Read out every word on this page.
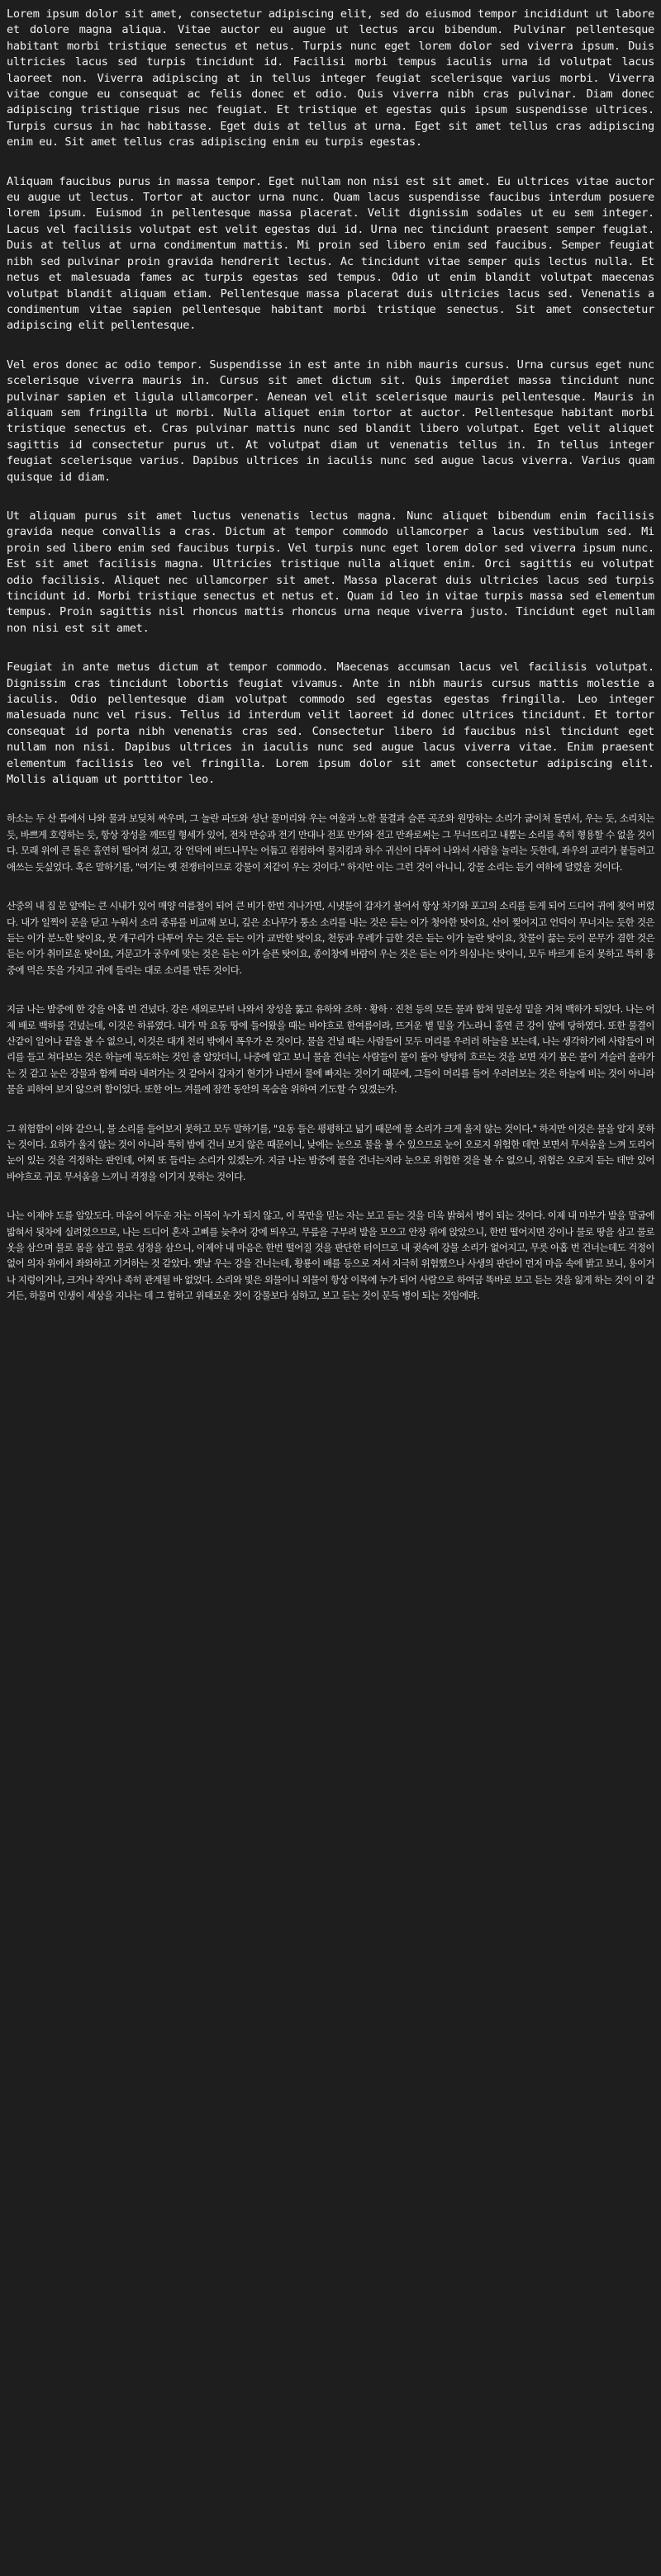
Lorem ipsum dolor sit amet, consectetur adipiscing elit, sed do eiusmod tempor incididunt ut labore et dolore magna aliqua. Vitae auctor eu augue ut lectus arcu bibendum. Pulvinar pellentesque habitant morbi tristique senectus et netus. Turpis nunc eget lorem dolor sed viverra ipsum. Duis ultricies lacus sed turpis tincidunt id. Facilisi morbi tempus iaculis urna id volutpat lacus laoreet non. Viverra adipiscing at in tellus integer feugiat scelerisque varius morbi. Viverra vitae congue eu consequat ac felis donec et odio. Quis viverra nibh cras pulvinar. Diam donec adipiscing tristique risus nec feugiat. Et tristique et egestas quis ipsum suspendisse ultrices. Turpis cursus in hac habitasse. Eget duis at tellus at urna. Eget sit amet tellus cras adipiscing enim eu. Sit amet tellus cras adipiscing enim eu turpis egestas.

Aliquam faucibus purus in massa tempor. Eget nullam non nisi est sit amet. Eu ultrices vitae auctor eu augue ut lectus. Tortor at auctor urna nunc. Quam lacus suspendisse faucibus interdum posuere lorem ipsum. Euismod in pellentesque massa placerat. Velit dignissim sodales ut eu sem integer. Lacus vel facilisis volutpat est velit egestas dui id. Urna nec tincidunt praesent semper feugiat. Duis at tellus at urna condimentum mattis. Mi proin sed libero enim sed faucibus. Semper feugiat nibh sed pulvinar proin gravida hendrerit lectus. Ac tincidunt vitae semper quis lectus nulla. Et netus et malesuada fames ac turpis egestas sed tempus. Odio ut enim blandit volutpat maecenas volutpat blandit aliquam etiam. Pellentesque massa placerat duis ultricies lacus sed. Venenatis a condimentum vitae sapien pellentesque habitant morbi tristique senectus. Sit amet consectetur adipiscing elit pellentesque.

Vel eros donec ac odio tempor. Suspendisse in est ante in nibh mauris cursus. Urna cursus eget nunc scelerisque viverra mauris in. Cursus sit amet dictum sit. Quis imperdiet massa tincidunt nunc pulvinar sapien et ligula ullamcorper. Aenean vel elit scelerisque mauris pellentesque. Mauris in aliquam sem fringilla ut morbi. Nulla aliquet enim tortor at auctor. Pellentesque habitant morbi tristique senectus et. Cras pulvinar mattis nunc sed blandit libero volutpat. Eget velit aliquet sagittis id consectetur purus ut. At volutpat diam ut venenatis tellus in. In tellus integer feugiat scelerisque varius. Dapibus ultrices in iaculis nunc sed augue lacus viverra. Varius quam quisque id diam.

Ut aliquam purus sit amet luctus venenatis lectus magna. Nunc aliquet bibendum enim facilisis gravida neque convallis a cras. Dictum at tempor commodo ullamcorper a lacus vestibulum sed. Mi proin sed libero enim sed faucibus turpis. Vel turpis nunc eget lorem dolor sed viverra ipsum nunc. Est sit amet facilisis magna. Ultricies tristique nulla aliquet enim. Orci sagittis eu volutpat odio facilisis. Aliquet nec ullamcorper sit amet. Massa placerat duis ultricies lacus sed turpis tincidunt id. Morbi tristique senectus et netus et. Quam id leo in vitae turpis massa sed elementum tempus. Proin sagittis nisl rhoncus mattis rhoncus urna neque viverra justo. Tincidunt eget nullam non nisi est sit amet.

Feugiat in ante metus dictum at tempor commodo. Maecenas accumsan lacus vel facilisis volutpat. Dignissim cras tincidunt lobortis feugiat vivamus. Ante in nibh mauris cursus mattis molestie a iaculis. Odio pellentesque diam volutpat commodo sed egestas egestas fringilla. Leo integer malesuada nunc vel risus. Tellus id interdum velit laoreet id donec ultrices tincidunt. Et tortor consequat id porta nibh venenatis cras sed. Consectetur libero id faucibus nisl tincidunt eget nullam non nisi. Dapibus ultrices in iaculis nunc sed augue lacus viverra vitae. Enim praesent elementum facilisis leo vel fringilla. Lorem ipsum dolor sit amet consectetur adipiscing elit. Mollis aliquam ut porttitor leo.

하소는 두 산 틈에서 나와 물과 보딪쳐 싸우며, 그 놀란 파도와 성난 물머리와 우는 여울과 노한 물결과 슬픈 곡조와 원망하는 소리가 굽이쳐 돌면서, 우는 듯, 소리치는 듯, 바쁘게 호령하는 듯, 항상 장성을 깨뜨릴 형세가 있어, 전차 만승과 전기 만대나 전포 만가와 전고 만좌로써는 그 무너뜨리고 내뿜는 소리를 족히 형용할 수 없을 것이다. 모래 위에 큰 돌은 홀연히 떨어져 섰고, 강 언덕에 버드나무는 어둡고 컴컴하여 물지킴과 하수 귀신이 다투어 나와서 사람을 놀리는 듯한데, 좌우의 교리가 붙들려고 애쓰는 듯싶었다. 혹은 말하기를, "여기는 옛 전쟁터이므로 강물이 저같이 우는 것이다." 하지만 이는 그런 것이 아니니, 강물 소리는 듣기 여하에 달렸을 것이다.

산중의 내 집 문 앞에는 큰 시내가 있어 매양 여름철이 되어 큰 비가 한번 지나가면, 시냇물이 갑자기 불어서 항상 차기와 포고의 소리를 듣게 되어 드디어 귀에 젖어 버렸다. 내가 일찍이 문을 닫고 누워서 소리 종류를 비교해 보니, 깊은 소나무가 퉁소 소리를 내는 것은 듣는 이가 청아한 탓이요, 산이 찢어지고 언덕이 무너지는 듯한 것은 듣는 이가 분노한 탓이요, 뭇 개구리가 다투어 우는 것은 듣는 이가 교만한 탓이요, 천둥과 우레가 급한 것은 듣는 이가 놀란 탓이요, 찻물이 끓는 듯이 문무가 겸한 것은 듣는 이가 취미로운 탓이요, 거문고가 궁우에 맞는 것은 듣는 이가 슬픈 탓이요, 종이창에 바람이 우는 것은 듣는 이가 의심나는 탓이니, 모두 바르게 듣지 못하고 특히 흉중에 먹은 뜻을 가지고 귀에 들리는 대로 소리를 만든 것이다.

지금 나는 밤중에 한 강을 아홉 번 건넜다. 강은 새외로부터 나와서 장성을 뚫고 유하와 조하 · 황하 · 진천 등의 모든 물과 합쳐 밀운성 밑을 거쳐 백하가 되었다. 나는 어제 배로 백하를 건넜는데, 이것은 하류였다. 내가 막 요동 땅에 들어왔을 때는 바야흐로 한여름이라, 뜨거운 볕 밑을 가노라니 홀연 큰 강이 앞에 당하였다. 또한 물결이 산같이 일어나 끝을 볼 수 없으니, 이것은 대개 천리 밖에서 폭우가 온 것이다. 물을 건널 때는 사람들이 모두 머리를 우러러 하늘을 보는데, 나는 생각하기에 사람들이 머리를 들고 쳐다보는 것은 하늘에 묵도하는 것인 줄 알았더니, 나중에 알고 보니 물을 건너는 사람들이 물이 돌아 탕탕히 흐르는 것을 보면 자기 몸은 물이 거슬러 올라가는 것 같고 눈은 강물과 함께 따라 내려가는 것 같아서 갑자기 현기가 나면서 물에 빠지는 것이기 때문에, 그들이 머리를 들어 우러러보는 것은 하늘에 비는 것이 아니라 물을 피하여 보지 않으려 함이었다. 또한 어느 겨를에 잠깐 동안의 목숨을 위하여 기도할 수 있겠는가.

그 위험함이 이와 같으니, 물 소리를 들어보지 못하고 모두 말하기를, "요동 들은 평평하고 넓기 때문에 물 소리가 크게 울지 않는 것이다." 하지만 이것은 물을 알지 못하는 것이다. 요하가 울지 않는 것이 아니라 특히 밤에 건너 보지 않은 때문이니, 낮에는 눈으로 물을 볼 수 있으므로 눈이 오로지 위험한 데만 보면서 무서움을 느껴 도리어 눈이 있는 것을 걱정하는 판인데, 어찌 또 들리는 소리가 있겠는가. 지금 나는 밤중에 물을 건너는지라 눈으로 위험한 것을 볼 수 없으니, 위험은 오로지 듣는 데만 있어 바야흐로 귀로 무서움을 느끼니 걱정을 이기지 못하는 것이다.

나는 이제야 도를 알았도다. 마음이 어두운 자는 이목이 누가 되지 않고, 이 목만을 믿는 자는 보고 듣는 것을 더욱 밝혀서 병이 되는 것이다. 이제 내 마부가 발을 말굽에 밟혀서 뒷차에 실려었으므로, 나는 드디어 혼자 고삐를 늦추어 강에 띄우고, 무릎을 구부려 발을 모으고 안장 위에 앉았으니, 한번 떨어지면 강이나 물로 땅을 삼고 물로 옷을 삼으며 물로 몸을 삼고 물로 성정을 삼으니, 이제야 내 마음은 한번 떨어질 것을 판단한 터이므로 내 귓속에 강물 소리가 없어지고, 무릇 아홉 번 건너는데도 걱정이 없어 의자 위에서 좌와하고 기거하는 것 같았다. 옛날 우는 강을 건너는데, 황룡이 배를 등으로 져서 지극히 위험했으나 사생의 판단이 먼저 마음 속에 밝고 보니, 용이거나 지렁이거나, 크거나 작거나 족히 관계될 바 없었다. 소리와 빛은 외물이니 외물이 항상 이목에 누가 되어 사람으로 하여금 똑바로 보고 듣는 것을 잃게 하는 것이 이 같거든, 하물며 인생이 세상을 지나는 데 그 험하고 위태로운 것이 강물보다 심하고, 보고 듣는 것이 문득 병이 되는 것임에랴.
